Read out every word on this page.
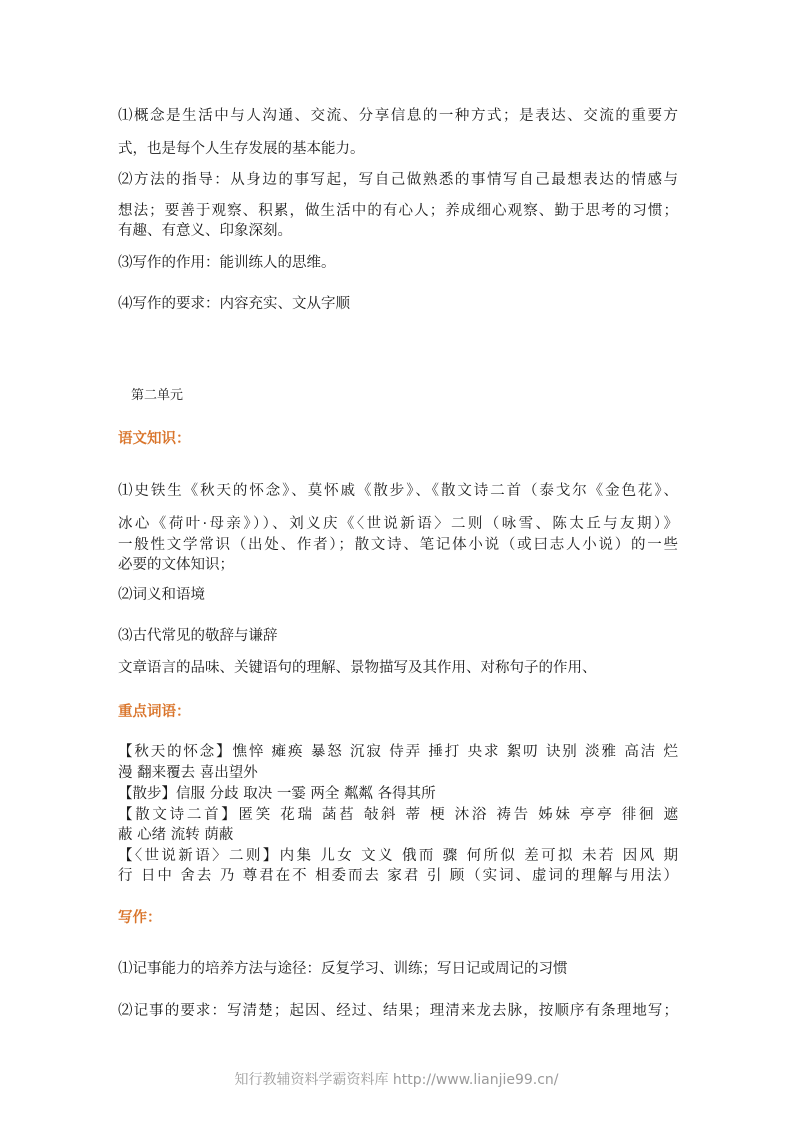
⑴概念是生活中与人沟通、交流、分享信息的一种方式；是表达、交流的重要方
式，也是每个人生存发展的基本能力。
⑵方法的指导：从身边的事写起，写自己做熟悉的事情写自己最想表达的情感与
想法；要善于观察、积累，做生活中的有心人；养成细心观察、勤于思考的习惯；
有趣、有意义、印象深刻。
⑶写作的作用：能训练人的思维。
⑷写作的要求：内容充实、文从字顺
第二单元
语文知识：
⑴史铁生《秋天的怀念》、莫怀戚《散步》、《散文诗二首（泰戈尔《金色花》、
冰心《荷叶·母亲》））、刘义庆《〈世说新语〉二则（咏雪、陈太丘与友期）》
一般性文学常识（出处、作者）；散文诗、笔记体小说（或曰志人小说）的一些
必要的文体知识；
⑵词义和语境
⑶古代常见的敬辞与谦辞
文章语言的品味、关键语句的理解、景物描写及其作用、对称句子的作用、
重点词语：
【秋天的怀念】憔悴 瘫痪 暴怒 沉寂 侍弄 捶打 央求 絮叨 诀别 淡雅 高洁 烂
漫 翻来覆去 喜出望外
【散步】信服 分歧 取决 一霎 两全 粼粼 各得其所
【散文诗二首】匿笑 花瑞 菡萏 敧斜 蒂 梗 沐浴 祷告 姊妹 亭亭 徘徊 遮
蔽 心绪 流转 荫蔽
【〈世说新语〉二则】内集 儿女 文义 俄而 骤 何所似 差可拟 未若 因风 期
行 日中 舍去 乃 尊君在不 相委而去 家君 引 顾（实词、虚词的理解与用法）
写作：
⑴记事能力的培养方法与途径：反复学习、训练；写日记或周记的习惯
⑵记事的要求：写清楚；起因、经过、结果；理清来龙去脉，按顺序有条理地写；
知行教辅资料学霸资料库 http://www.lianjie99.cn/
